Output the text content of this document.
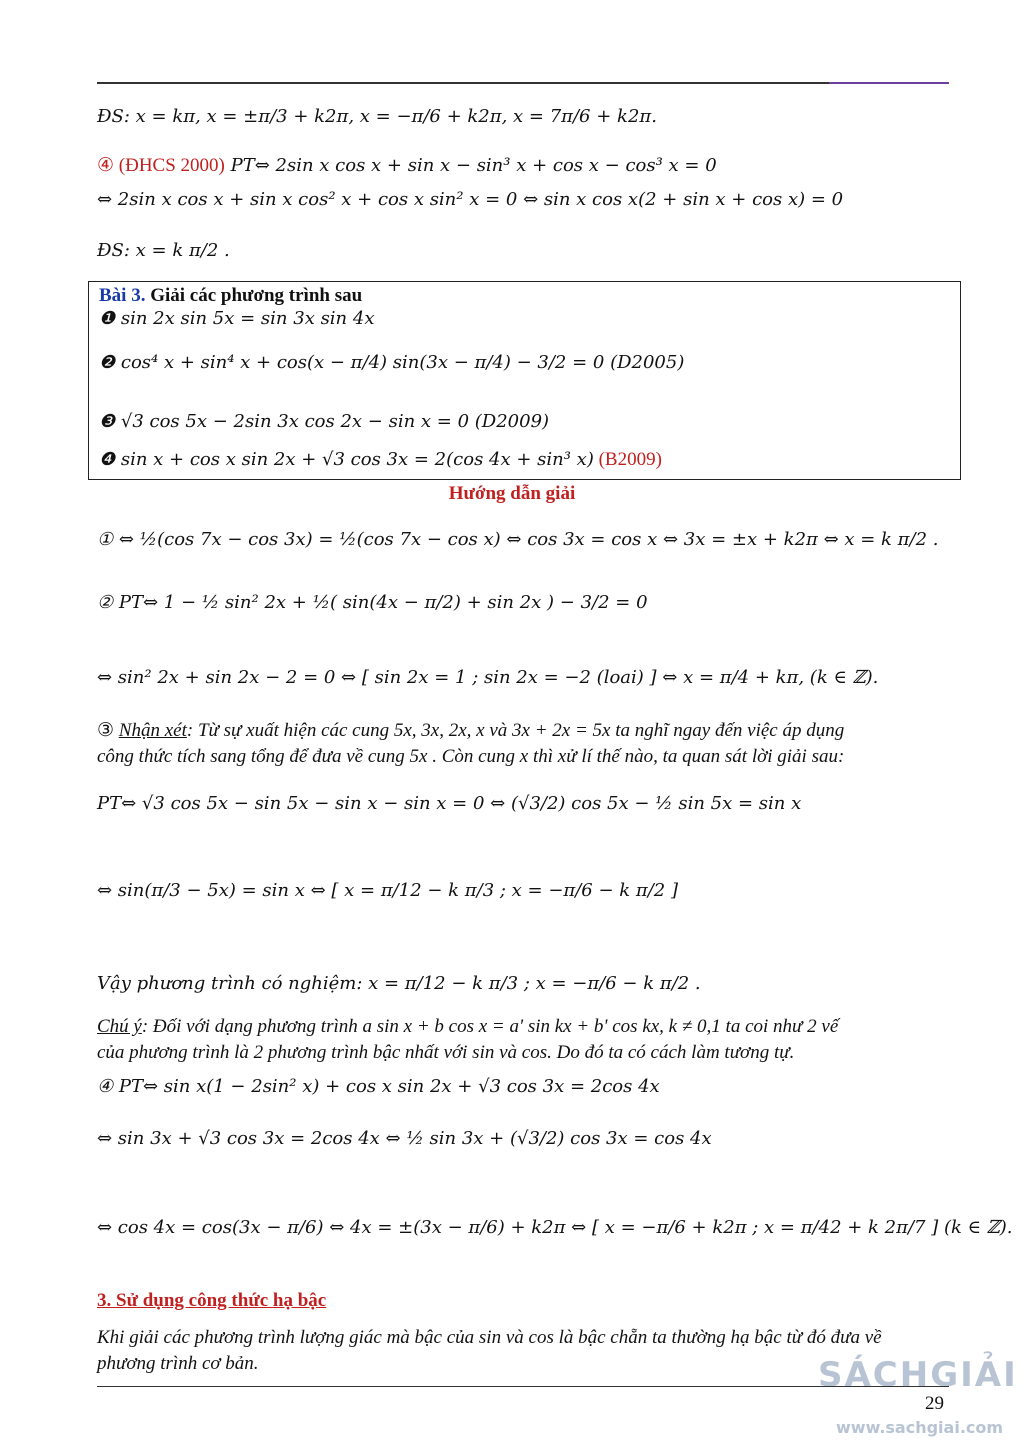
ĐS: x = kπ, x = ±π/3 + k2π, x = −π/6 + k2π, x = 7π/6 + k2π.
④ (ĐHCS 2000) PT⇔ 2sin x cos x + sin x − sin³ x + cos x − cos³ x = 0
⇔ 2sin x cos x + sin x cos² x + cos x sin² x = 0 ⇔ sin x cos x(2 + sin x + cos x) = 0
ĐS: x = k π/2 .
Bài 3. Giải các phương trình sau
❶ sin 2x sin 5x = sin 3x sin 4x
❷ cos⁴ x + sin⁴ x + cos(x − π/4) sin(3x − π/4) − 3/2 = 0 (D2005)
❸ √3 cos 5x − 2sin 3x cos 2x − sin x = 0 (D2009)
❹ sin x + cos x sin 2x + √3 cos 3x = 2(cos 4x + sin³ x) (B2009)
Hướng dẫn giải
① ⇔ ½(cos 7x − cos 3x) = ½(cos 7x − cos x) ⇔ cos 3x = cos x ⇔ 3x = ±x + k2π ⇔ x = k π/2 .
② PT⇔ 1 − ½ sin² 2x + ½( sin(4x − π/2) + sin 2x ) − 3/2 = 0
⇔ sin² 2x + sin 2x − 2 = 0 ⇔ [ sin 2x = 1 ; sin 2x = −2 (loai) ] ⇔ x = π/4 + kπ, (k ∈ ℤ).
③ Nhận xét: Từ sự xuất hiện các cung 5x, 3x, 2x, x và 3x + 2x = 5x ta nghĩ ngay đến việc áp dụng
công thức tích sang tổng để đưa về cung 5x . Còn cung x thì xử lí thế nào, ta quan sát lời giải sau:
PT⇔ √3 cos 5x − sin 5x − sin x − sin x = 0 ⇔ (√3/2) cos 5x − ½ sin 5x = sin x
⇔ sin(π/3 − 5x) = sin x ⇔ [ x = π/12 − k π/3 ; x = −π/6 − k π/2 ]
Vậy phương trình có nghiệm: x = π/12 − k π/3 ; x = −π/6 − k π/2 .
Chú ý: Đối với dạng phương trình a sin x + b cos x = a' sin kx + b' cos kx, k ≠ 0,1 ta coi như 2 vế
của phương trình là 2 phương trình bậc nhất với sin và cos. Do đó ta có cách làm tương tự.
④ PT⇔ sin x(1 − 2sin² x) + cos x sin 2x + √3 cos 3x = 2cos 4x
⇔ sin 3x + √3 cos 3x = 2cos 4x ⇔ ½ sin 3x + (√3/2) cos 3x = cos 4x
⇔ cos 4x = cos(3x − π/6) ⇔ 4x = ±(3x − π/6) + k2π ⇔ [ x = −π/6 + k2π ; x = π/42 + k 2π/7 ] (k ∈ ℤ).
3. Sử dụng công thức hạ bậc
Khi giải các phương trình lượng giác mà bậc của sin và cos là bậc chẵn ta thường hạ bậc từ đó đưa về
phương trình cơ bản.	SÁCHGIẢI
29
www.sachgiai.com
